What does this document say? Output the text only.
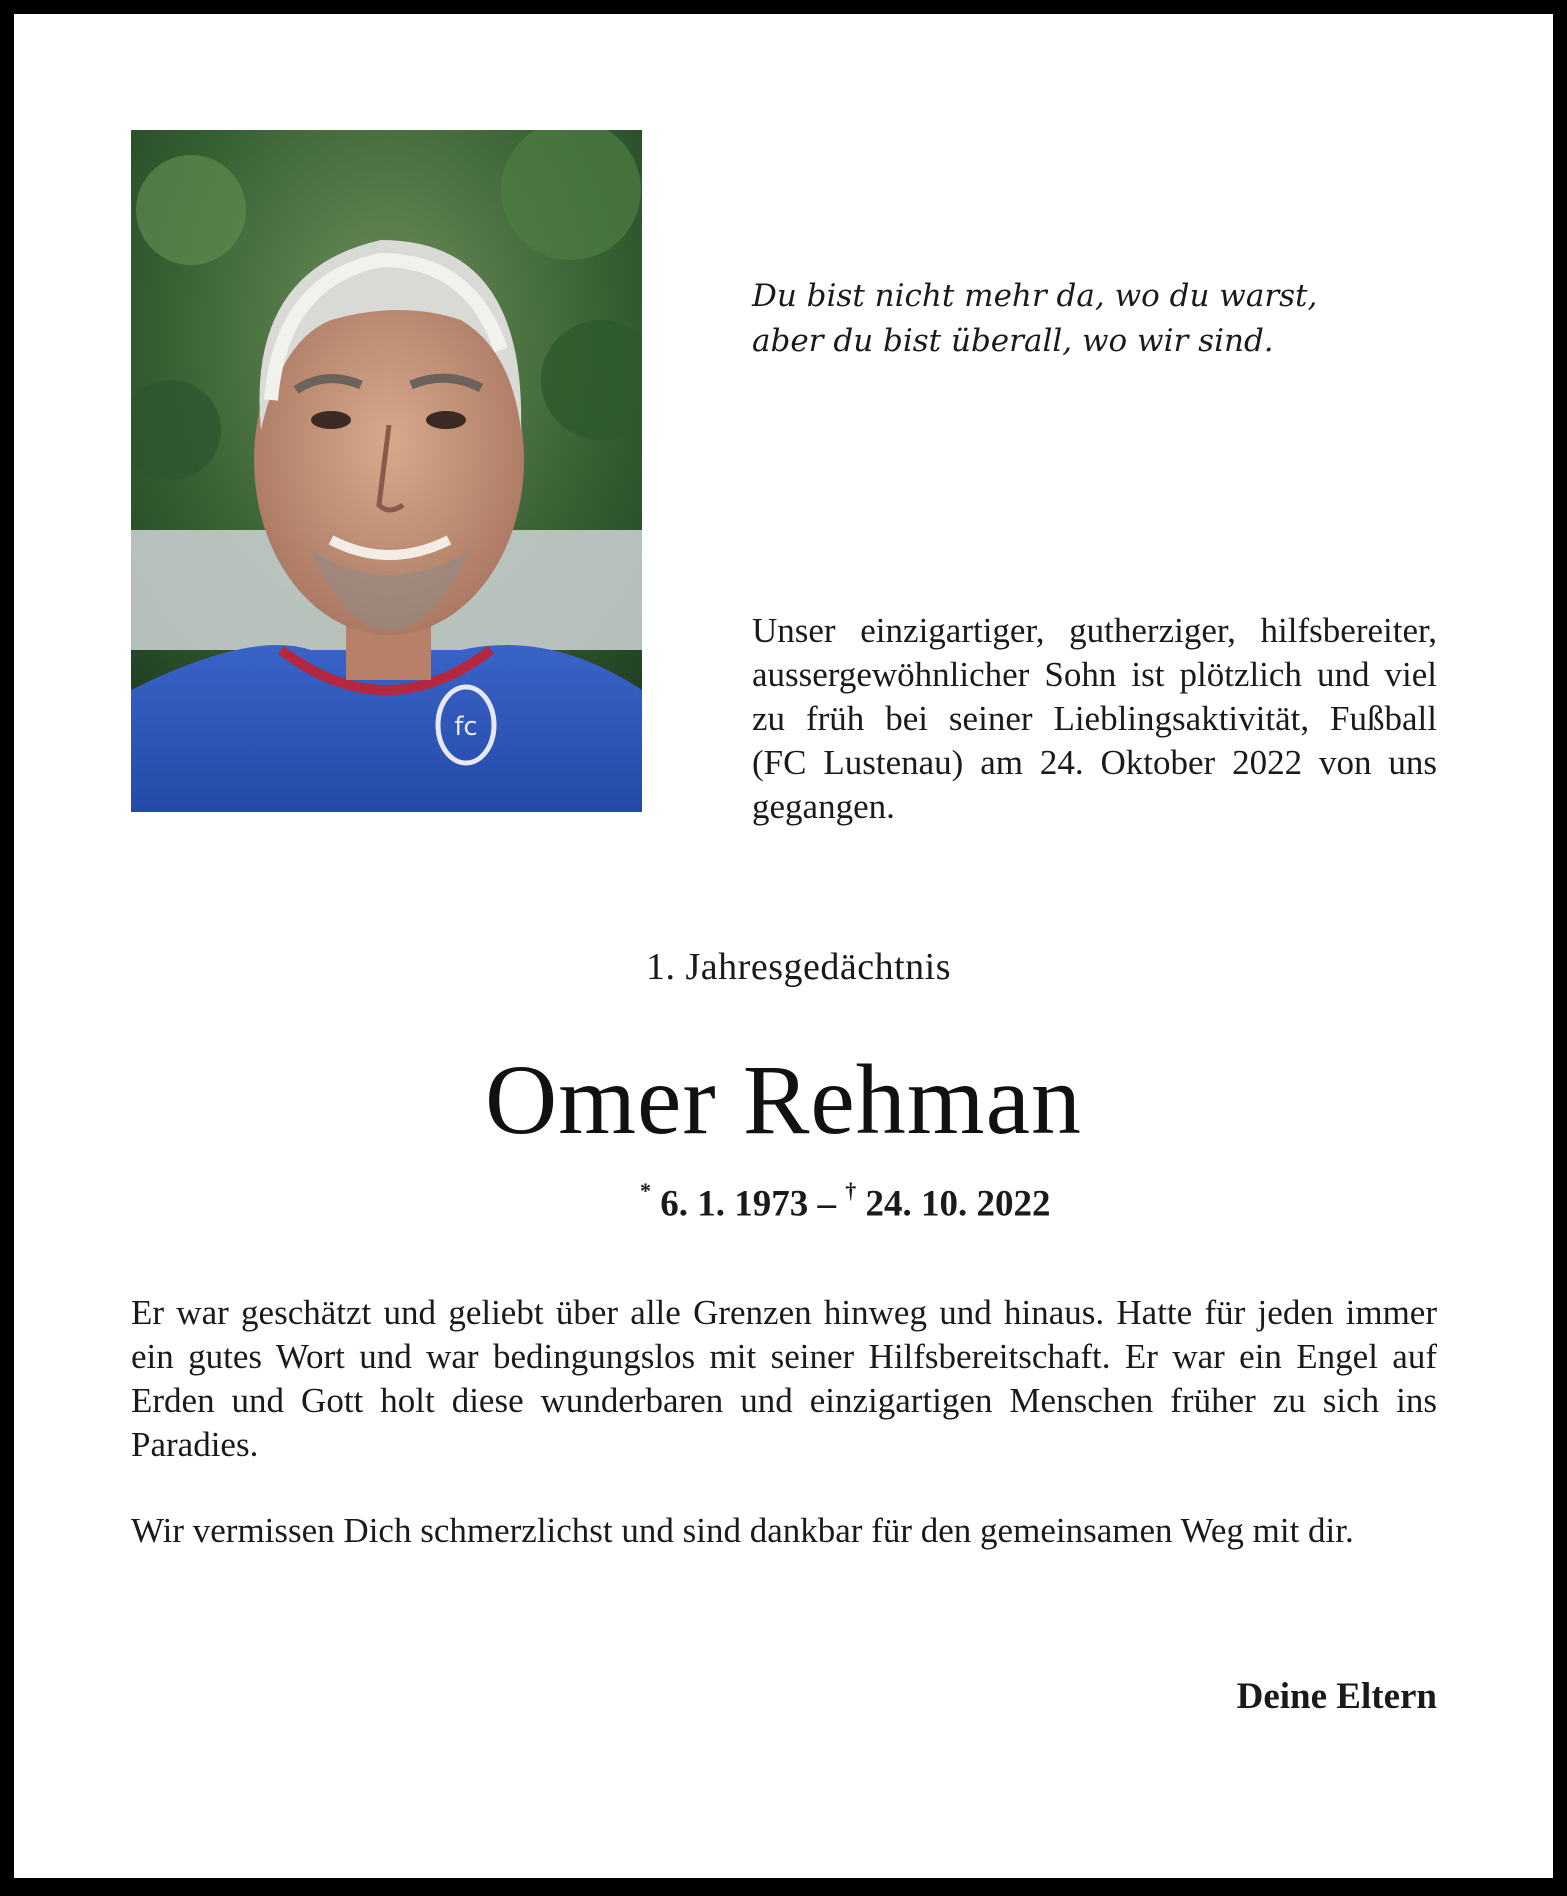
fc
Du bist nicht mehr da, wo du warst,
aber du bist überall, wo wir sind.
Unser einzigartiger, gutherziger, hilfsbereiter, aussergewöhnlicher Sohn ist plötzlich und viel zu früh bei seiner Lieblingsaktivität, Fußball (FC Lustenau) am 24. Oktober 2022 von uns gegangen.
1. Jahresgedächtnis
Omer Rehman
* 6. 1. 1973 – † 24. 10. 2022

Er war geschätzt und geliebt über alle Grenzen hinweg und hinaus. Hatte für jeden immer ein gutes Wort und war bedingungslos mit seiner Hilfsbereitschaft. Er war ein Engel auf Erden und Gott holt diese wunderbaren und einzigartigen Menschen früher zu sich ins Paradies.

Wir vermissen Dich schmerzlichst und sind dankbar für den gemeinsamen Weg mit dir.

Deine Eltern
